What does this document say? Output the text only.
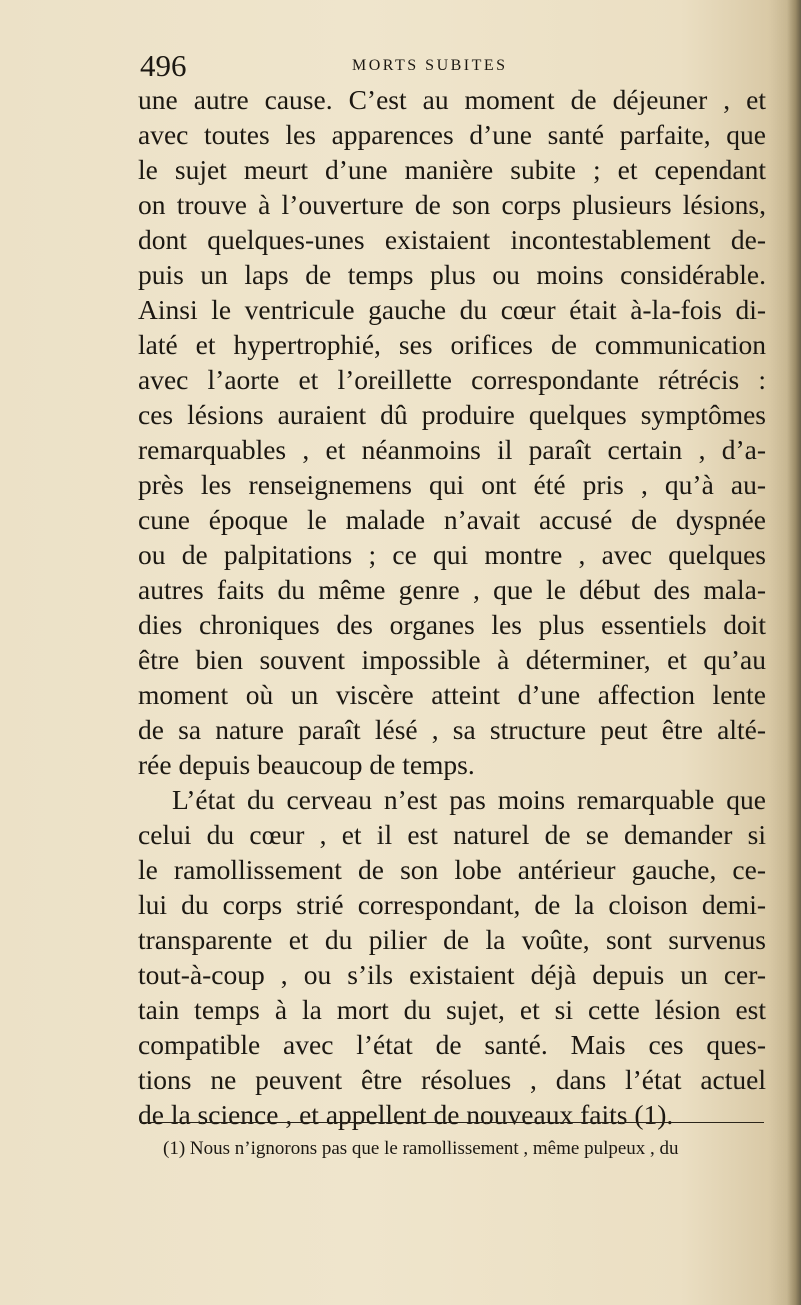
496	MORTS SUBITES
une autre cause. C’est au moment de déjeuner , et
avec toutes les apparences d’une santé parfaite, que
le sujet meurt d’une manière subite ; et cependant
on trouve à l’ouverture de son corps plusieurs lésions,
dont quelques-unes existaient incontestablement de-
puis un laps de temps plus ou moins considérable.
Ainsi le ventricule gauche du cœur était à-la-fois di-
laté et hypertrophié, ses orifices de communication
avec l’aorte et l’oreillette correspondante rétrécis :
ces lésions auraient dû produire quelques symptômes
remarquables , et néanmoins il paraît certain , d’a-
près les renseignemens qui ont été pris , qu’à au-
cune époque le malade n’avait accusé de dyspnée
ou de palpitations ; ce qui montre , avec quelques
autres faits du même genre , que le début des mala-
dies chroniques des organes les plus essentiels doit
être bien souvent impossible à déterminer, et qu’au
moment où un viscère atteint d’une affection lente
de sa nature paraît lésé , sa structure peut être alté-
rée depuis beaucoup de temps.
L’état du cerveau n’est pas moins remarquable que
celui du cœur , et il est naturel de se demander si
le ramollissement de son lobe antérieur gauche, ce-
lui du corps strié correspondant, de la cloison demi-
transparente et du pilier de la voûte, sont survenus
tout-à-coup , ou s’ils existaient déjà depuis un cer-
tain temps à la mort du sujet, et si cette lésion est
compatible avec l’état de santé. Mais ces ques-
tions ne peuvent être résolues , dans l’état actuel
de la science , et appellent de nouveaux faits (1).
(1) Nous n’ignorons pas que le ramollissement , même pulpeux , du
